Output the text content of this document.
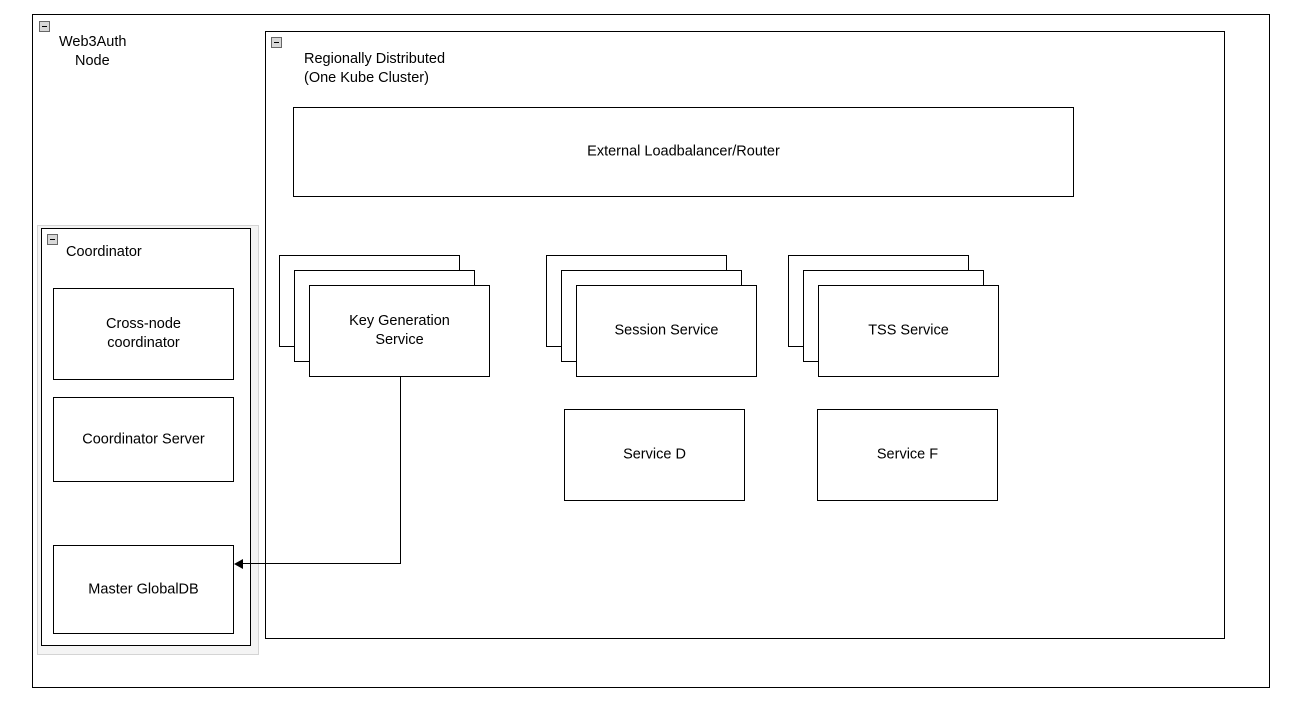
Web3Auth
Node	Regionally Distributed
(One Kube Cluster)
External Loadbalancer/Router
Coordinator
Cross-node
coordinator
Coordinator Server
Master GlobalDB
Key Generation
Service
Session Service	TSS Service
Service D	Service F
